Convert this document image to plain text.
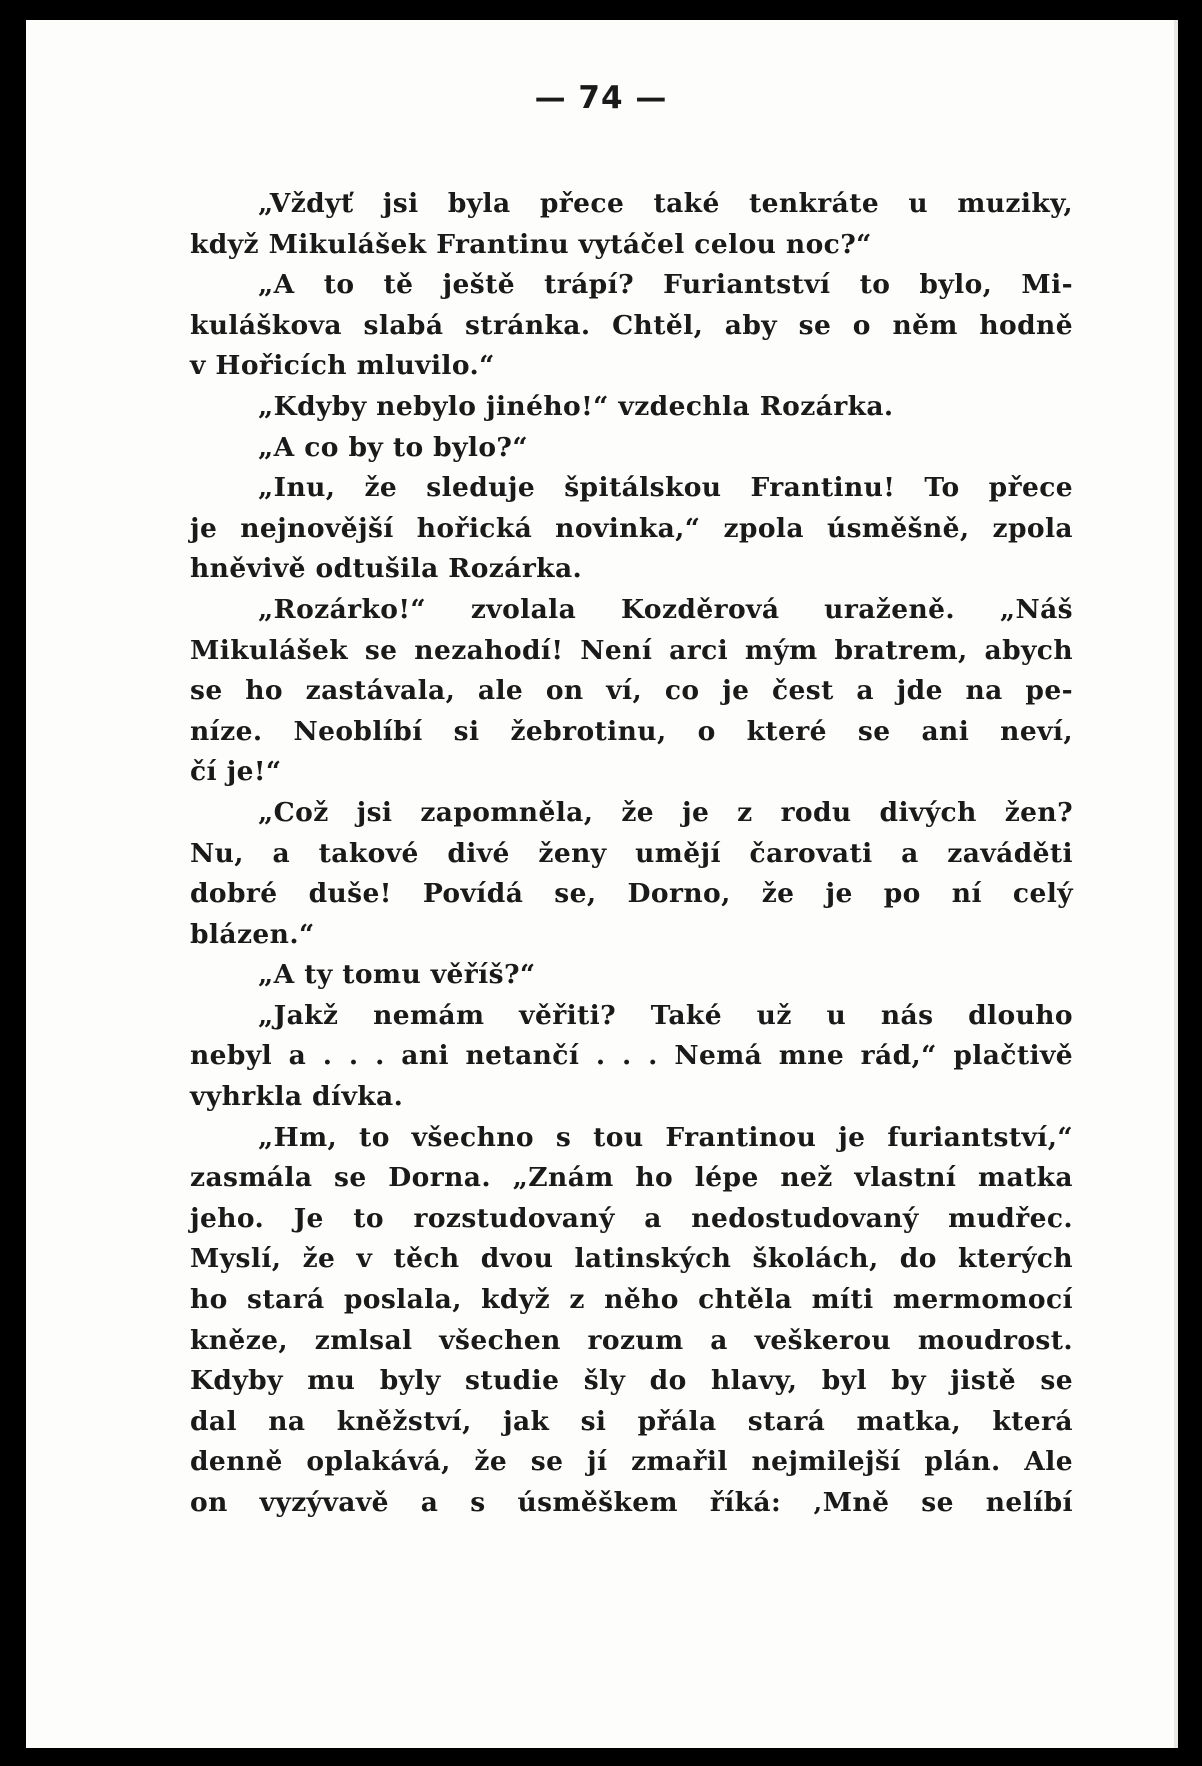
— 74 —
„Vždyť jsi byla přece také tenkráte u muziky,
když Mikulášek Frantinu vytáčel celou noc?“
„A to tě ještě trápí? Furiantství to bylo, Mi-
kuláškova slabá stránka. Chtěl, aby se o něm hodně
v Hořicích mluvilo.“
„Kdyby nebylo jiného!“ vzdechla Rozárka.
„A co by to bylo?“
„Inu, že sleduje špitálskou Frantinu! To přece
je nejnovější hořická novinka,“ zpola úsměšně, zpola
hněvivě odtušila Rozárka.
„Rozárko!“ zvolala Kozděrová uraženě. „Náš
Mikulášek se nezahodí! Není arci mým bratrem, abych
se ho zastávala, ale on ví, co je čest a jde na pe-
níze. Neoblíbí si žebrotinu, o které se ani neví,
čí je!“
„Což jsi zapomněla, že je z rodu divých žen?
Nu, a takové divé ženy umějí čarovati a zaváděti
dobré duše! Povídá se, Dorno, že je po ní celý
blázen.“
„A ty tomu věříš?“
„Jakž nemám věřiti? Také už u nás dlouho
nebyl a . . . ani netančí . . . Nemá mne rád,“ plačtivě
vyhrkla dívka.
„Hm, to všechno s tou Frantinou je furiantství,“
zasmála se Dorna. „Znám ho lépe než vlastní matka
jeho. Je to rozstudovaný a nedostudovaný mudřec.
Myslí, že v těch dvou latinských školách, do kterých
ho stará poslala, když z něho chtěla míti mermomocí
kněze, zmlsal všechen rozum a veškerou moudrost.
Kdyby mu byly studie šly do hlavy, byl by jistě se
dal na kněžství, jak si přála stará matka, která
denně oplakává, že se jí zmařil nejmilejší plán. Ale
on vyzývavě a s úsměškem říká: ‚Mně se nelíbí
